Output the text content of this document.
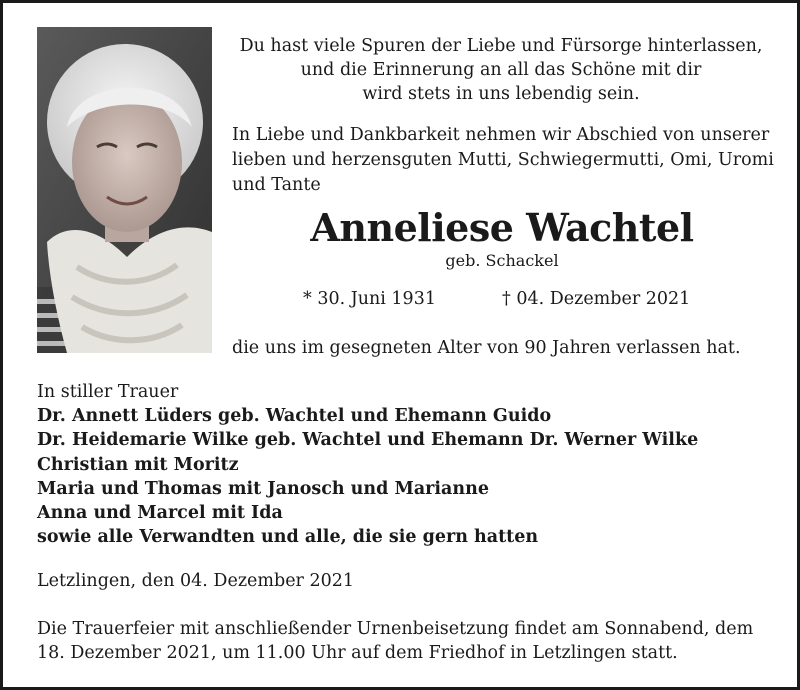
Du hast viele Spuren der Liebe und Fürsorge hinterlassen,
und die Erinnerung an all das Schöne mit dir
wird stets in uns lebendig sein.
In Liebe und Dankbarkeit nehmen wir Abschied von unserer
lieben und herzensguten Mutti, Schwiegermutti, Omi, Uromi
und Tante
Anneliese Wachtel
geb. Schackel
* 30. Juni 1931	† 04. Dezember 2021
die uns im gesegneten Alter von 90 Jahren verlassen hat.
In stiller Trauer
Dr. Annett Lüders geb. Wachtel und Ehemann Guido
Dr. Heidemarie Wilke geb. Wachtel und Ehemann Dr. Werner Wilke
Christian mit Moritz
Maria und Thomas mit Janosch und Marianne
Anna und Marcel mit Ida
sowie alle Verwandten und alle, die sie gern hatten
Letzlingen, den 04. Dezember 2021
Die Trauerfeier mit anschließender Urnenbeisetzung findet am Sonnabend, dem
18. Dezember 2021, um 11.00 Uhr auf dem Friedhof in Letzlingen statt.
